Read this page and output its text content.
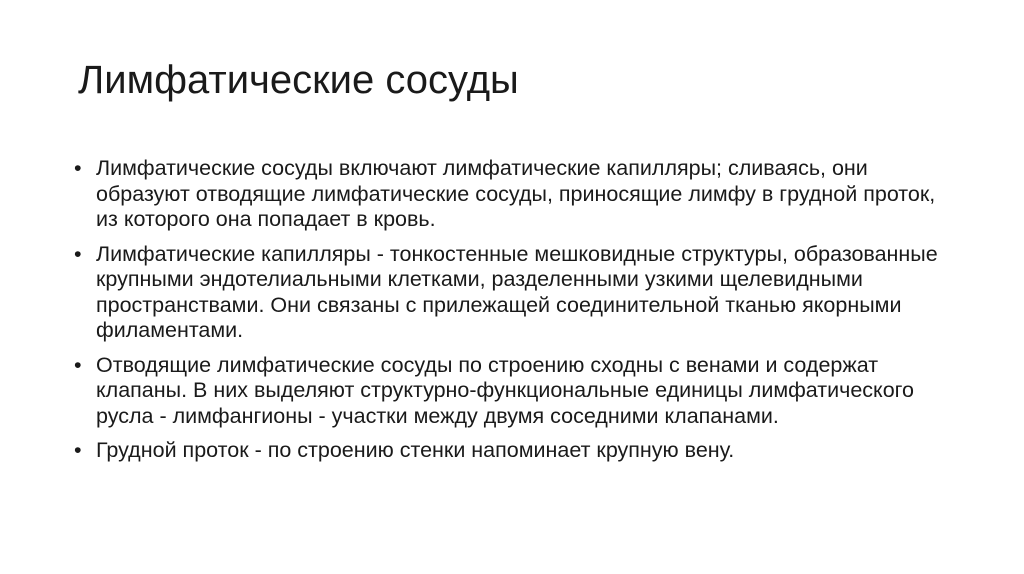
Лимфатические сосуды
• Лимфатические сосуды включают лимфатические капилляры; сливаясь, они образуют отводящие лимфатические сосуды, приносящие лимфу в грудной проток, из которого она попадает в кровь.
• Лимфатические капилляры - тонкостенные мешковидные структуры, образованные крупными эндотелиальными клетками, разделенными узкими щелевидными пространствами. Они связаны с прилежащей соединительной тканью якорными филаментами.
• Отводящие лимфатические сосуды по строению сходны с венами и содержат клапаны. В них выделяют структурно-функциональные единицы лимфатического русла - лимфангионы - участки между двумя соседними клапанами.
• Грудной проток - по строению стенки напоминает крупную вену.
